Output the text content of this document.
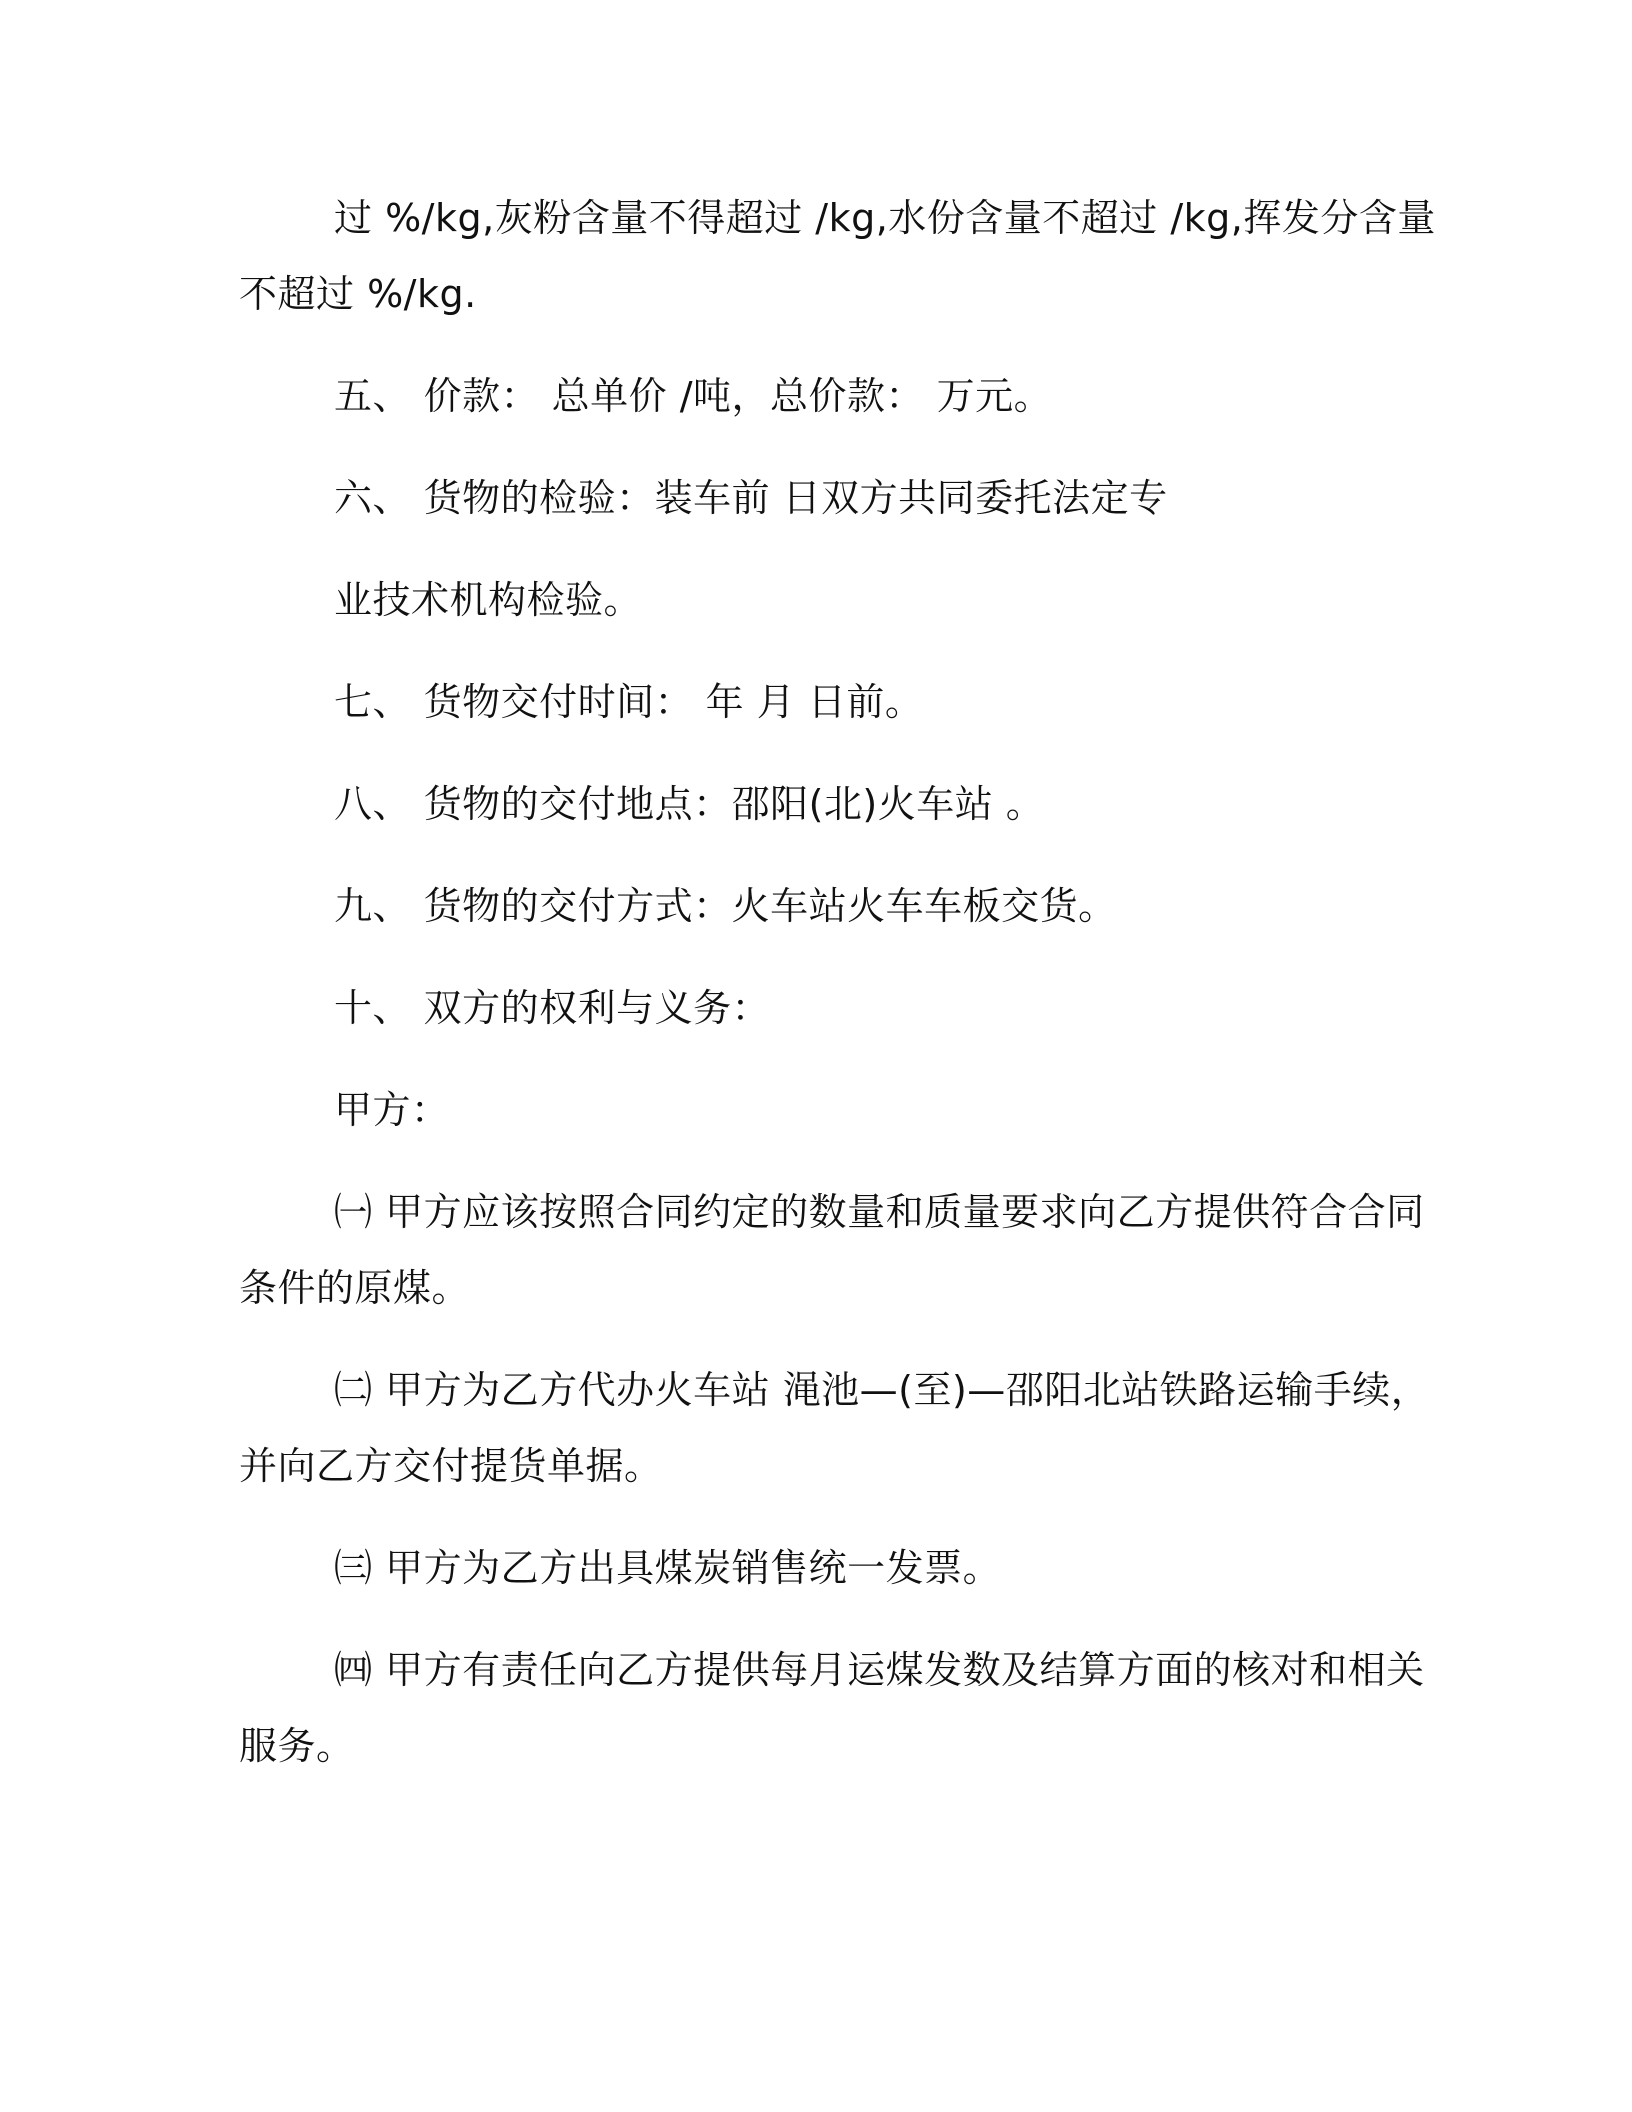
过 %/kg,灰粉含量不得超过 /kg,水份含量不超过 /kg,挥发分含量
不超过 %/kg.
五、 价款： 总单价 /吨，总价款： 万元。
六、 货物的检验：装车前 日双方共同委托法定专
业技术机构检验。
七、 货物交付时间： 年 月 日前。
八、 货物的交付地点：邵阳(北)火车站 。
九、 货物的交付方式：火车站火车车板交货。
十、 双方的权利与义务：
甲方：
㈠ 甲方应该按照合同约定的数量和质量要求向乙方提供符合合同
条件的原煤。
㈡ 甲方为乙方代办火车站 渑池—(至)—邵阳北站铁路运输手续，
并向乙方交付提货单据。
㈢ 甲方为乙方出具煤炭销售统一发票。
㈣ 甲方有责任向乙方提供每月运煤发数及结算方面的核对和相关
服务。
